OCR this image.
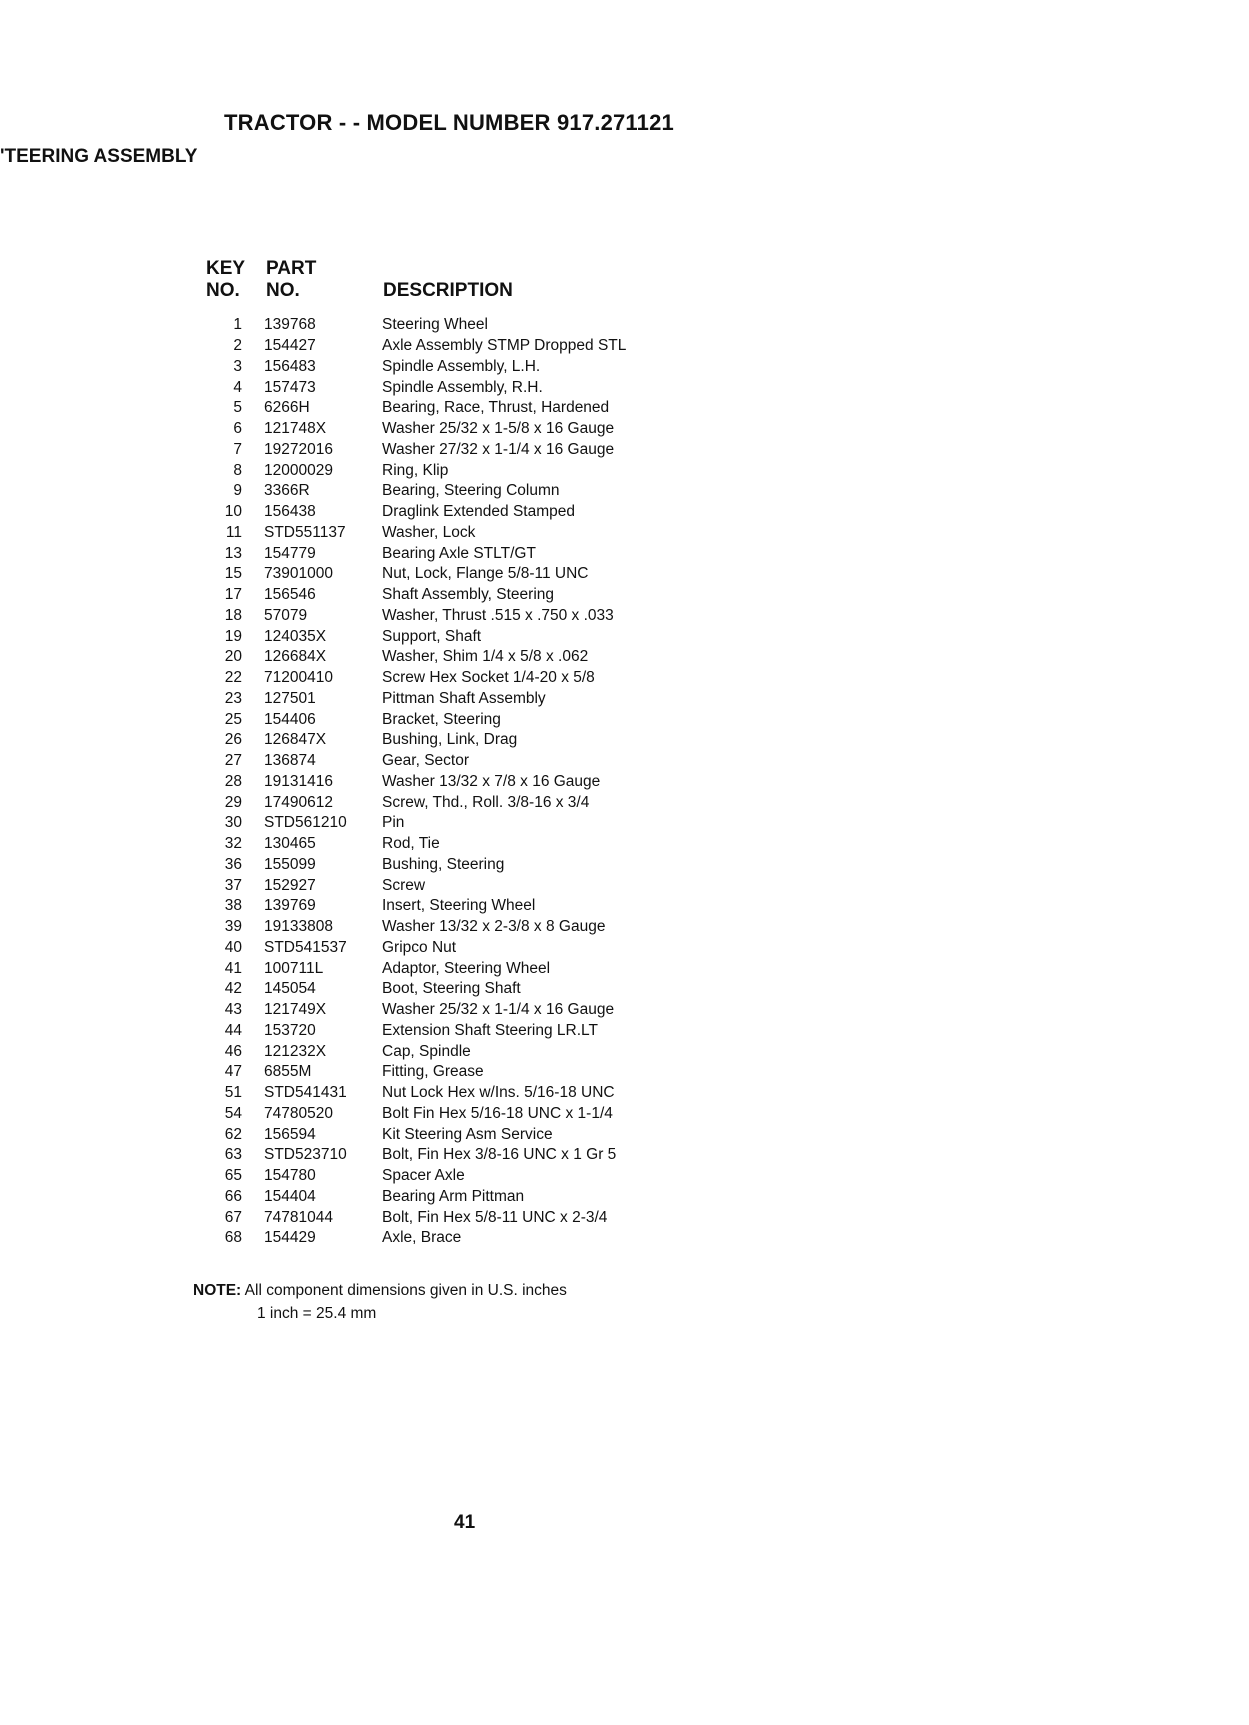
TRACTOR - - MODEL NUMBER 917.271121
'TEERING ASSEMBLY
KEY
NO.
PART
NO.	DESCRIPTION
1	139768	Steering Wheel
2	154427	Axle Assembly STMP Dropped STL
3	156483	Spindle Assembly, L.H.
4	157473	Spindle Assembly, R.H.
5	6266H	Bearing, Race, Thrust, Hardened
6	121748X	Washer 25/32 x 1-5/8 x 16 Gauge
7	19272016	Washer 27/32 x 1-1/4 x 16 Gauge
8	12000029	Ring, Klip
9	3366R	Bearing, Steering Column
10	156438	Draglink Extended Stamped
11	STD551137	Washer, Lock
13	154779	Bearing Axle STLT/GT
15	73901000	Nut, Lock, Flange 5/8-11 UNC
17	156546	Shaft Assembly, Steering
18	57079	Washer, Thrust .515 x .750 x .033
19	124035X	Support, Shaft
20	126684X	Washer, Shim 1/4 x 5/8 x .062
22	71200410	Screw Hex Socket 1/4-20 x 5/8
23	127501	Pittman Shaft Assembly
25	154406	Bracket, Steering
26	126847X	Bushing, Link, Drag
27	136874	Gear, Sector
28	19131416	Washer 13/32 x 7/8 x 16 Gauge
29	17490612	Screw, Thd., Roll. 3/8-16 x 3/4
30	STD561210	Pin
32	130465	Rod, Tie
36	155099	Bushing, Steering
37	152927	Screw
38	139769	Insert, Steering Wheel
39	19133808	Washer 13/32 x 2-3/8 x 8 Gauge
40	STD541537	Gripco Nut
41	100711L	Adaptor, Steering Wheel
42	145054	Boot, Steering Shaft
43	121749X	Washer 25/32 x 1-1/4 x 16 Gauge
44	153720	Extension Shaft Steering LR.LT
46	121232X	Cap, Spindle
47	6855M	Fitting, Grease
51	STD541431	Nut Lock Hex w/Ins. 5/16-18 UNC
54	74780520	Bolt Fin Hex 5/16-18 UNC x 1-1/4
62	156594	Kit Steering Asm Service
63	STD523710	Bolt, Fin Hex 3/8-16 UNC x 1 Gr 5
65	154780	Spacer Axle
66	154404	Bearing Arm Pittman
67	74781044	Bolt, Fin Hex 5/8-11 UNC x 2-3/4
68	154429	Axle, Brace
NOTE: All component dimensions given in U.S. inches
1 inch = 25.4 mm
41
